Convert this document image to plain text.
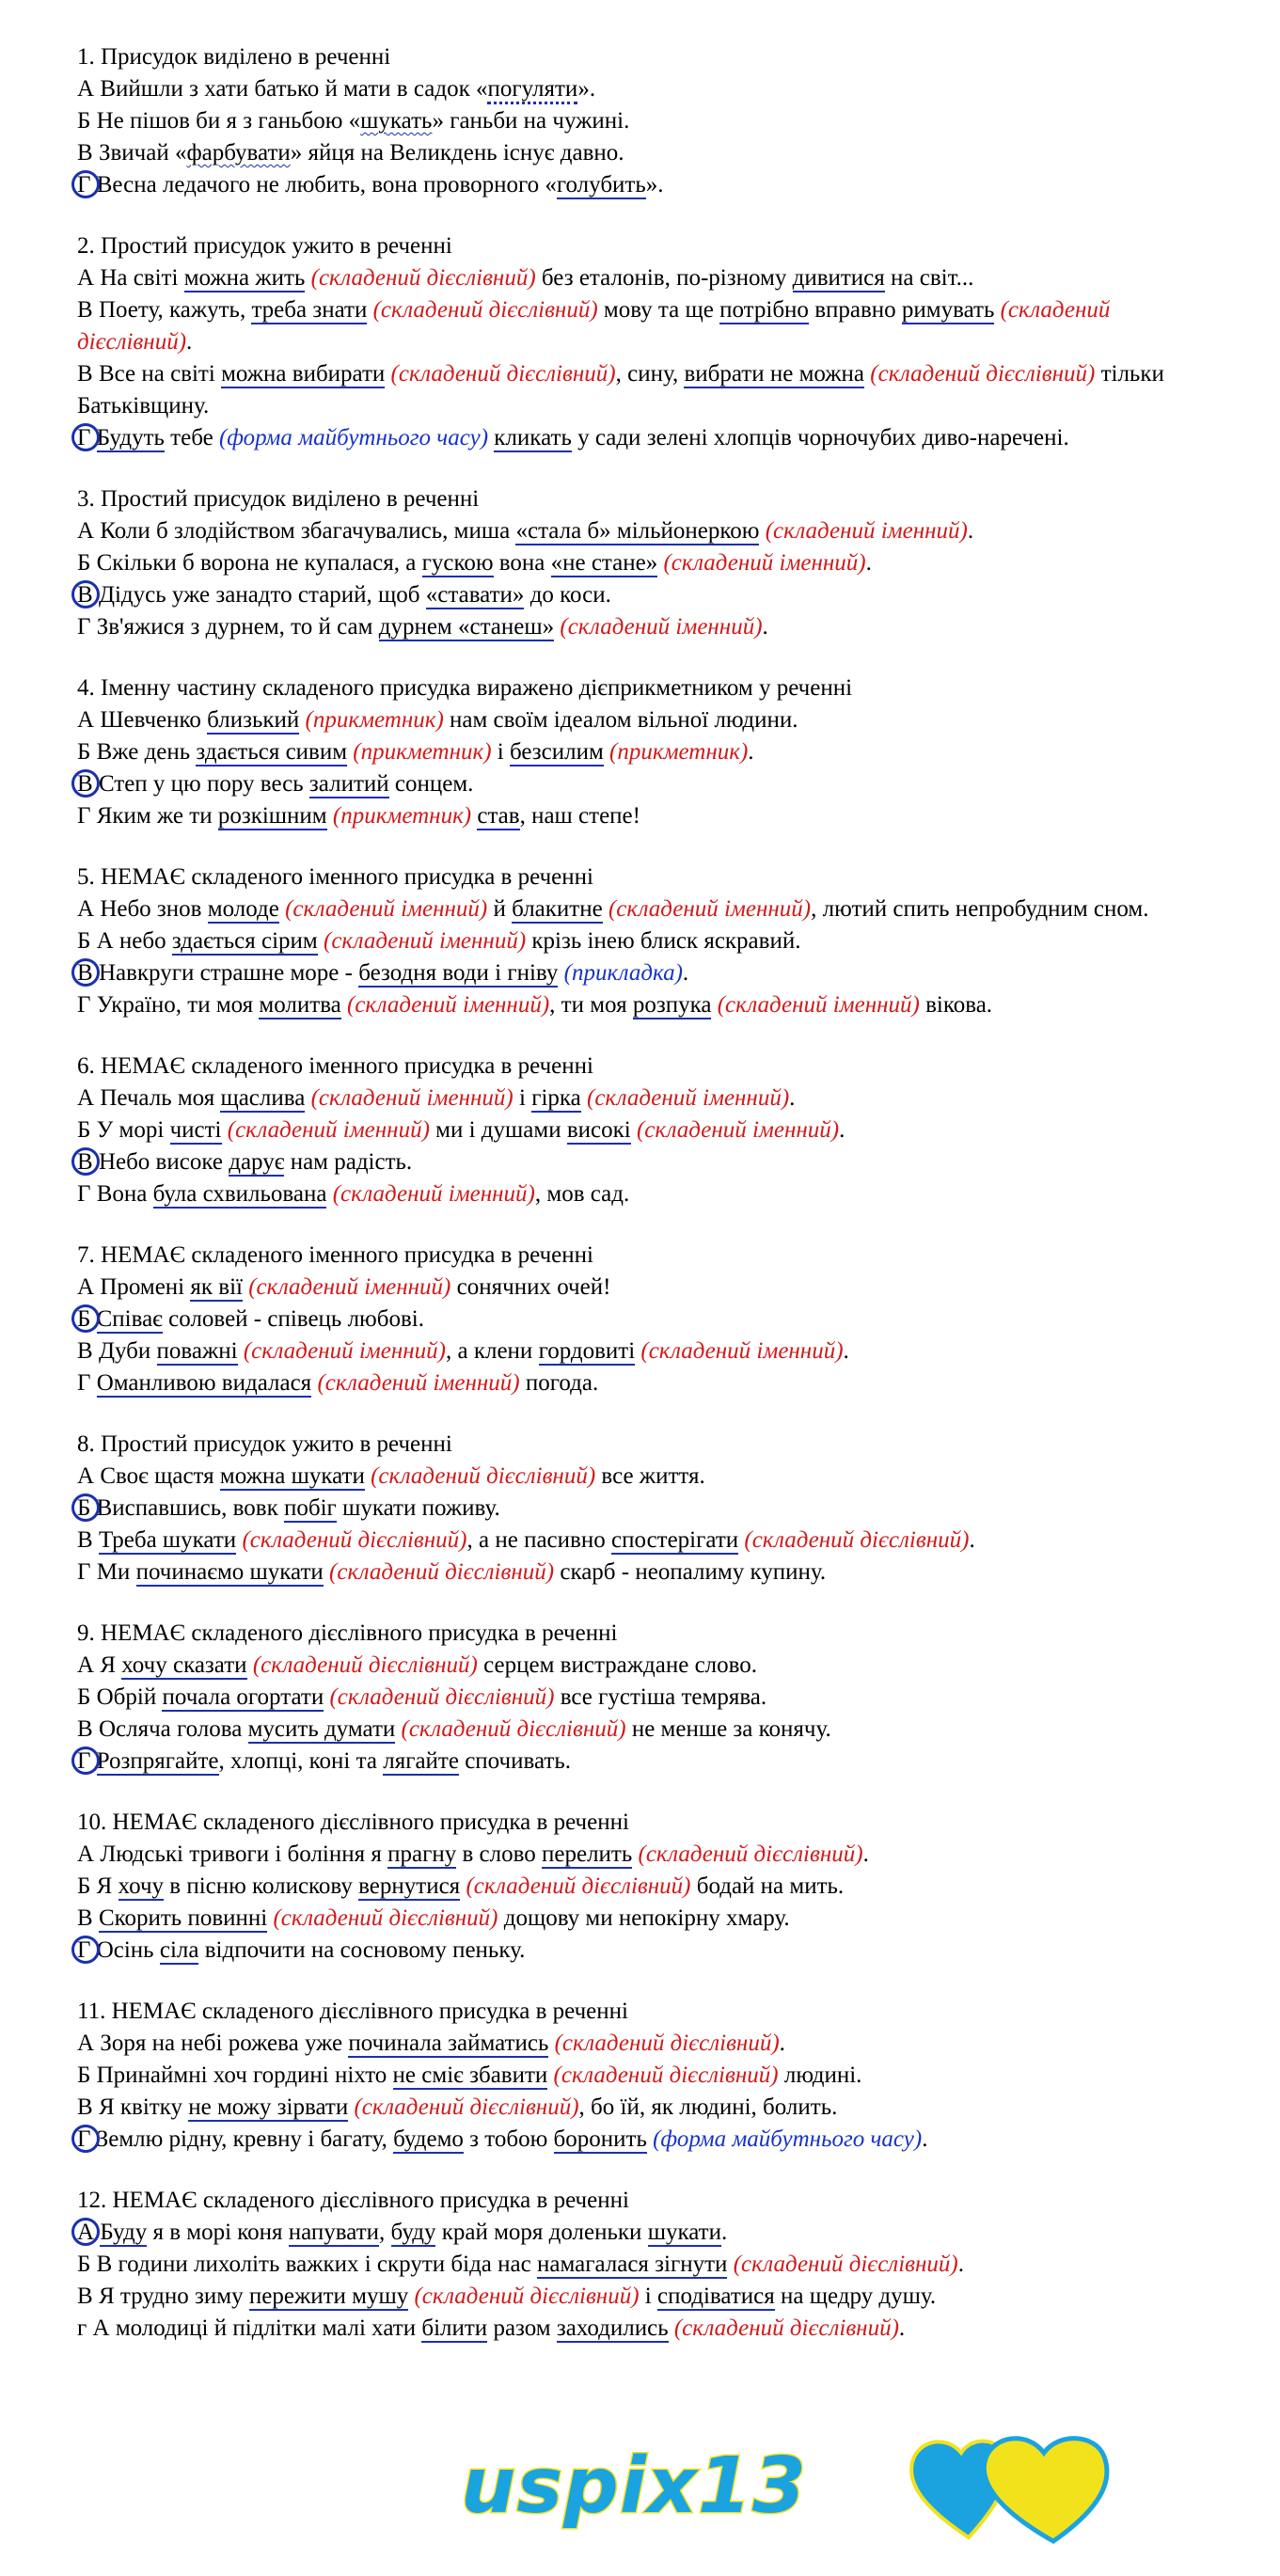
1. Присудок виділено в реченні
А Вийшли з хати батько й мати в садок «погуляти».
Б Не пішов би я з ганьбою «шукать» ганьби на чужині.
В Звичай «фарбувати» яйця на Великдень існує давно.
Г Весна ледачого не любить, вона проворного «голубить».
2. Простий присудок ужито в реченні
А На світі можна жить (складений дієслівний) без еталонів, по-різному дивитися на світ...
В Поету, кажуть, треба знати (складений дієслівний) мову та ще потрібно вправно римувать (складений дієслівний).
В Все на світі можна вибирати (складений дієслівний), сину, вибрати не можна (складений дієслівний) тільки Батьківщину.
Г Будуть тебе (форма майбутнього часу) кликать у сади зелені хлопців чорночубих диво-наречені.
3. Простий присудок виділено в реченні
А Коли б злодійством збагачувались, миша «стала б» мільйонеркою (складений іменний).
Б Скільки б ворона не купалася, а гускою вона «не стане» (складений іменний).
В Дідусь уже занадто старий, щоб «ставати» до коси.
Г Зв'яжися з дурнем, то й сам дурнем «станеш» (складений іменний).
4. Іменну частину складеного присудка виражено дієприкметником у реченні
А Шевченко близький (прикметник) нам своїм ідеалом вільної людини.
Б Вже день здається сивим (прикметник) і безсилим (прикметник).
В Степ у цю пору весь залитий сонцем.
Г Яким же ти розкішним (прикметник) став, наш степе!
5. НЕМАЄ складеного іменного присудка в реченні
А Небо знов молоде (складений іменний) й блакитне (складений іменний), лютий спить непробудним сном.
Б А небо здається сірим (складений іменний) крізь інею блиск яскравий.
В Навкруги страшне море - безодня води і гніву (прикладка).
Г Україно, ти моя молитва (складений іменний), ти моя розпука (складений іменний) вікова.
6. НЕМАЄ складеного іменного присудка в реченні
А Печаль моя щаслива (складений іменний) і гірка (складений іменний).
Б У морі чисті (складений іменний) ми і душами високі (складений іменний).
В Небо високе дарує нам радість.
Г Вона була схвильована (складений іменний), мов сад.
7. НЕМАЄ складеного іменного присудка в реченні
А Промені як вії (складений іменний) сонячних очей!
Б Співає соловей - співець любові.
В Дуби поважні (складений іменний), а клени гордовиті (складений іменний).
Г Оманливою видалася (складений іменний) погода.
8. Простий присудок ужито в реченні
А Своє щастя можна шукати (складений дієслівний) все життя.
Б Виспавшись, вовк побіг шукати поживу.
В Треба шукати (складений дієслівний), а не пасивно спостерігати (складений дієслівний).
Г Ми починаємо шукати (складений дієслівний) скарб - неопалиму купину.
9. НЕМАЄ складеного дієслівного присудка в реченні
А Я хочу сказати (складений дієслівний) серцем вистраждане слово.
Б Обрій почала огортати (складений дієслівний) все густіша темрява.
В Осляча голова мусить думати (складений дієслівний) не менше за конячу.
Г Розпрягайте, хлопці, коні та лягайте спочивать.
10. НЕМАЄ складеного дієслівного присудка в реченні
А Людські тривоги і боління я прагну в слово перелить (складений дієслівний).
Б Я хочу в пісню колискову вернутися (складений дієслівний) бодай на мить.
В Скорить повинні (складений дієслівний) дощову ми непокірну хмару.
Г Осінь сіла відпочити на сосновому пеньку.
11. НЕМАЄ складеного дієслівного присудка в реченні
А Зоря на небі рожева уже починала займатись (складений дієслівний).
Б Принаймні хоч гордині ніхто не сміє збавити (складений дієслівний) людині.
В Я квітку не можу зірвати (складений дієслівний), бо їй, як людині, болить.
Г Землю рідну, кревну і багату, будемо з тобою боронить (форма майбутнього часу).
12. НЕМАЄ складеного дієслівного присудка в реченні
А Буду я в морі коня напувати, буду край моря доленьки шукати.
Б В години лихоліть важких і скрути біда нас намагалася зігнути (складений дієслівний).
В Я трудно зиму пережити мушу (складений дієслівний) і сподіватися на щедру душу.
г А молодиці й підлітки малі хати білити разом заходились (складений дієслівний).
uspix13
